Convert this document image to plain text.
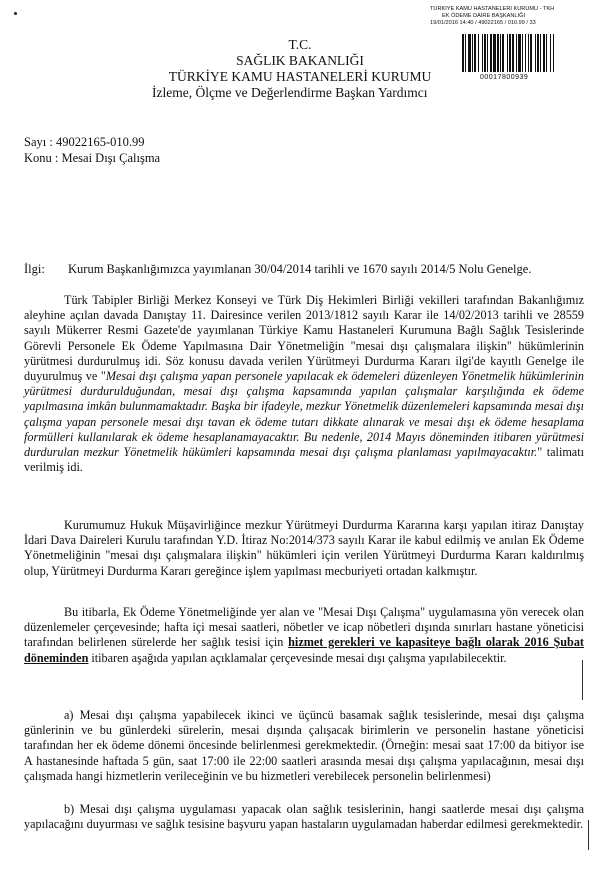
TÜRKİYE KAMU HASTANELERİ KURUMU - TKH
EK ÖDEME DAİRE BAŞKANLIĞI
19/01/2016 14:40 / 49022165 / 010.99 / 33
00017800939
T.C.
SAĞLIK BAKANLIĞI
TÜRKİYE KAMU HASTANELERİ KURUMU
İzleme, Ölçme ve Değerlendirme Başkan Yardımcı
Sayı : 49022165-010.99
Konu : Mesai Dışı Çalışma
İlgi: Kurum Başkanlığımızca yayımlanan 30/04/2014 tarihli ve 1670 sayılı 2014/5 Nolu Genelge.

Türk Tabipler Birliği Merkez Konseyi ve Türk Diş Hekimleri Birliği vekilleri tarafından Bakanlığımız aleyhine açılan davada Danıştay 11. Dairesince verilen 2013/1812 sayılı Karar ile 14/02/2013 tarihli ve 28559 sayılı Mükerrer Resmi Gazete'de yayımlanan Türkiye Kamu Hastaneleri Kurumuna Bağlı Sağlık Tesislerinde Görevli Personele Ek Ödeme Yapılmasına Dair Yönetmeliğin "mesai dışı çalışmalara ilişkin" hükümlerinin yürütmesi durdurulmuş idi. Söz konusu davada verilen Yürütmeyi Durdurma Kararı ilgi'de kayıtlı Genelge ile duyurulmuş ve "Mesai dışı çalışma yapan personele yapılacak ek ödemeleri düzenleyen Yönetmelik hükümlerinin yürütmesi durdurulduğundan, mesai dışı çalışma kapsamında yapılan çalışmalar karşılığında ek ödeme yapılmasına imkân bulunmamaktadır. Başka bir ifadeyle, mezkur Yönetmelik düzenlemeleri kapsamında mesai dışı çalışma yapan personele mesai dışı tavan ek ödeme tutarı dikkate alınarak ve mesai dışı ek ödeme hesaplama formülleri kullanılarak ek ödeme hesaplanamayacaktır. Bu nedenle, 2014 Mayıs döneminden itibaren yürütmesi durdurulan mezkur Yönetmelik hükümleri kapsamında mesai dışı çalışma planlaması yapılmayacaktır." talimatı verilmiş idi.

Kurumumuz Hukuk Müşavirliğince mezkur Yürütmeyi Durdurma Kararına karşı yapılan itiraz Danıştay İdari Dava Daireleri Kurulu tarafından Y.D. İtiraz No:2014/373 sayılı Karar ile kabul edilmiş ve anılan Ek Ödeme Yönetmeliğinin "mesai dışı çalışmalara ilişkin" hükümleri için verilen Yürütmeyi Durdurma Kararı kaldırılmış olup, Yürütmeyi Durdurma Kararı gereğince işlem yapılması mecburiyeti ortadan kalkmıştır.

Bu itibarla, Ek Ödeme Yönetmeliğinde yer alan ve "Mesai Dışı Çalışma" uygulamasına yön verecek olan düzenlemeler çerçevesinde; hafta içi mesai saatleri, nöbetler ve icap nöbetleri dışında sınırları hastane yöneticisi tarafından belirlenen sürelerde her sağlık tesisi için hizmet gerekleri ve kapasiteye bağlı olarak 2016 Şubat döneminden itibaren aşağıda yapılan açıklamalar çerçevesinde mesai dışı çalışma yapılabilecektir.

a) Mesai dışı çalışma yapabilecek ikinci ve üçüncü basamak sağlık tesislerinde, mesai dışı çalışma günlerinin ve bu günlerdeki sürelerin, mesai dışında çalışacak birimlerin ve personelin hastane yöneticisi tarafından her ek ödeme dönemi öncesinde belirlenmesi gerekmektedir. (Örneğin: mesai saat 17:00 da bitiyor ise A hastanesinde haftada 5 gün, saat 17:00 ile 22:00 saatleri arasında mesai dışı çalışma yapılacağının, mesai dışı çalışmada hangi hizmetlerin verileceğinin ve bu hizmetleri verebilecek personelin belirlenmesi)

b) Mesai dışı çalışma uygulaması yapacak olan sağlık tesislerinin, hangi saatlerde mesai dışı çalışma yapılacağını duyurması ve sağlık tesisine başvuru yapan hastaların uygulamadan haberdar edilmesi gerekmektedir.
